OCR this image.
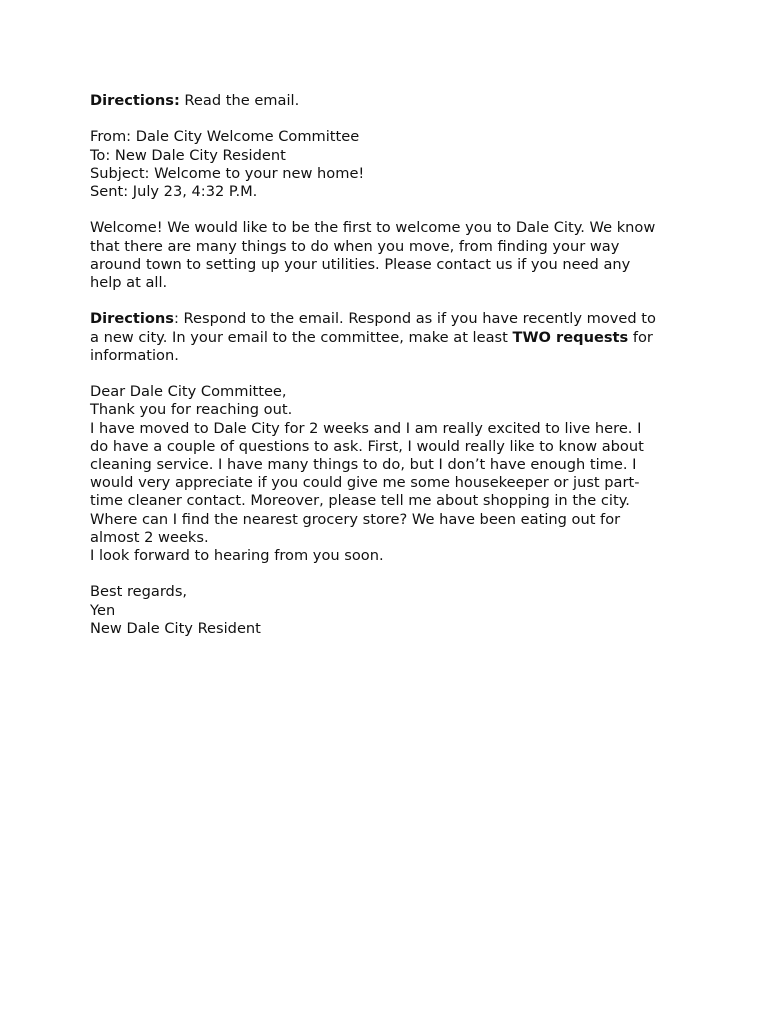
Directions: Read the email.
From: Dale City Welcome Committee
To: New Dale City Resident
Subject: Welcome to your new home!
Sent: July 23, 4:32 P.M.
Welcome! We would like to be the first to welcome you to Dale City. We know
that there are many things to do when you move, from finding your way
around town to setting up your utilities. Please contact us if you need any
help at all.
Directions: Respond to the email. Respond as if you have recently moved to
a new city. In your email to the committee, make at least TWO requests for
information.
Dear Dale City Committee,
Thank you for reaching out.
I have moved to Dale City for 2 weeks and I am really excited to live here. I
do have a couple of questions to ask. First, I would really like to know about
cleaning service. I have many things to do, but I don’t have enough time. I
would very appreciate if you could give me some housekeeper or just part-
time cleaner contact. Moreover, please tell me about shopping in the city.
Where can I find the nearest grocery store? We have been eating out for
almost 2 weeks.
I look forward to hearing from you soon.
Best regards,
Yen
New Dale City Resident
